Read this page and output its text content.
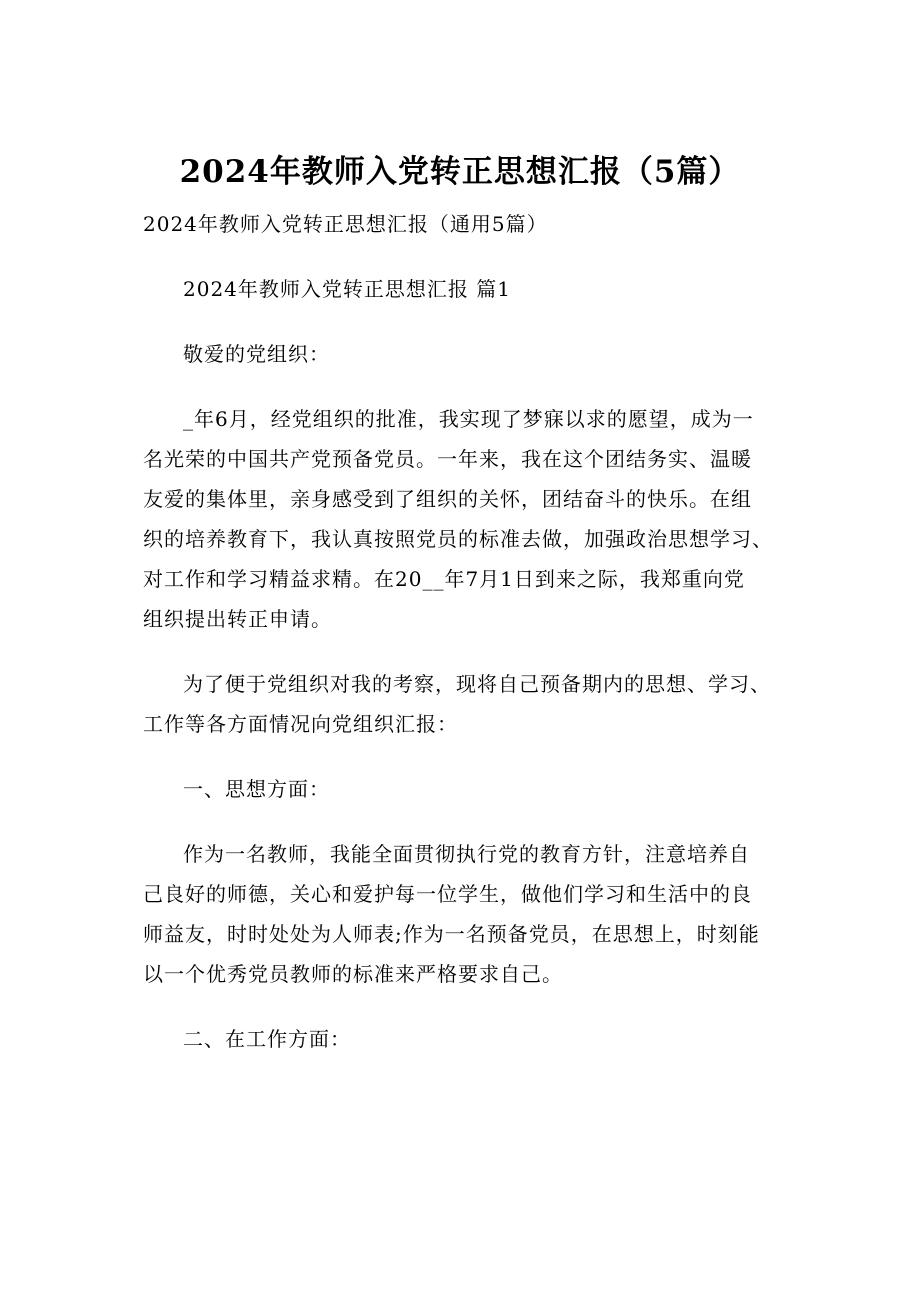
2024年教师入党转正思想汇报（5篇）
2024年教师入党转正思想汇报（通用5篇）
2024年教师入党转正思想汇报 篇1
敬爱的党组织：
_年6月，经党组织的批准，我实现了梦寐以求的愿望，成为一
名光荣的中国共产党预备党员。一年来，我在这个团结务实、温暖
友爱的集体里，亲身感受到了组织的关怀，团结奋斗的快乐。在组
织的培养教育下，我认真按照党员的标准去做，加强政治思想学习、
对工作和学习精益求精。在20__年7月1日到来之际，我郑重向党
组织提出转正申请。
为了便于党组织对我的考察，现将自己预备期内的思想、学习、
工作等各方面情况向党组织汇报：
一、思想方面：
作为一名教师，我能全面贯彻执行党的教育方针，注意培养自
己良好的师德，关心和爱护每一位学生，做他们学习和生活中的良
师益友，时时处处为人师表;作为一名预备党员，在思想上，时刻能
以一个优秀党员教师的标准来严格要求自己。
二、在工作方面：
